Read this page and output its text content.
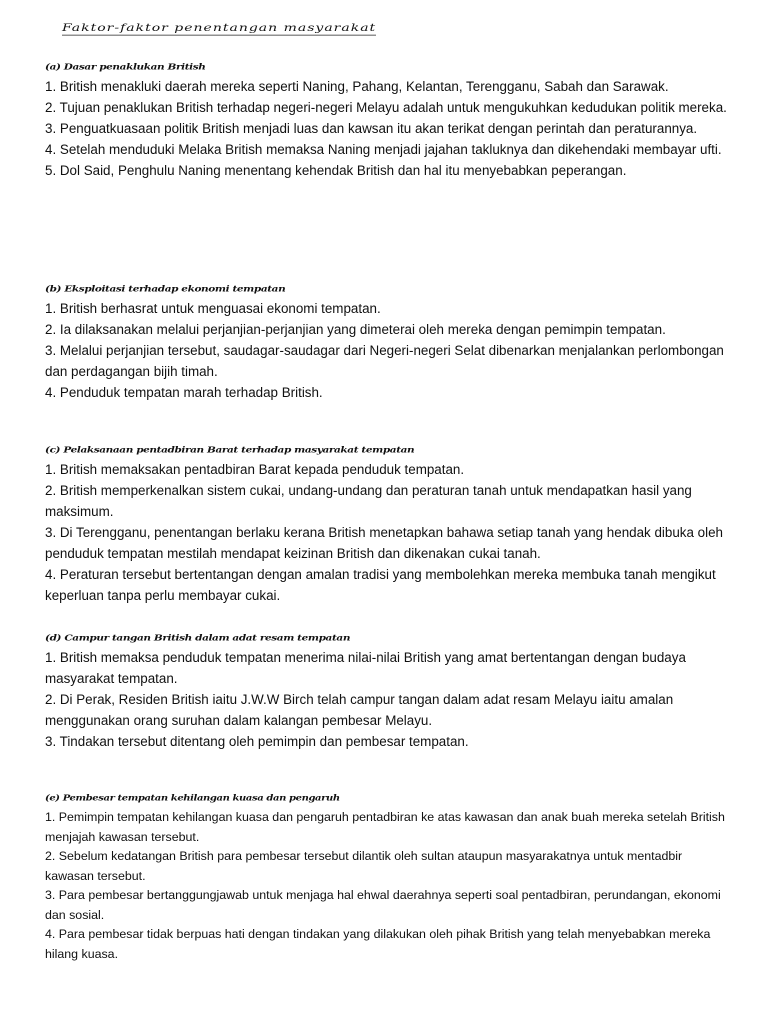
Faktor-faktor penentangan masyarakat
(a) Dasar penaklukan British

1. British menakluki daerah mereka seperti Naning, Pahang, Kelantan, Terengganu, Sabah dan Sarawak.

2. Tujuan penaklukan British terhadap negeri-negeri Melayu adalah untuk mengukuhkan kedudukan politik mereka.

3. Penguatkuasaan politik British menjadi luas dan kawsan itu akan terikat dengan perintah dan peraturannya.

4. Setelah menduduki Melaka British memaksa Naning menjadi jajahan takluknya dan dikehendaki membayar ufti.

5. Dol Said, Penghulu Naning menentang kehendak British dan hal itu menyebabkan peperangan.

(b) Eksploitasi terhadap ekonomi tempatan

1. British berhasrat untuk menguasai ekonomi tempatan.

2. Ia dilaksanakan melalui perjanjian-perjanjian yang dimeterai oleh mereka dengan pemimpin tempatan.

3. Melalui perjanjian tersebut, saudagar-saudagar dari Negeri-negeri Selat dibenarkan menjalankan perlombongan dan perdagangan bijih timah.

4. Penduduk tempatan marah terhadap British.

(c) Pelaksanaan pentadbiran Barat terhadap masyarakat tempatan

1. British memaksakan pentadbiran Barat kepada penduduk tempatan.

2. British memperkenalkan sistem cukai, undang-undang dan peraturan tanah untuk mendapatkan hasil yang maksimum.

3. Di Terengganu, penentangan berlaku kerana British menetapkan bahawa setiap tanah yang hendak dibuka oleh penduduk tempatan mestilah mendapat keizinan British dan dikenakan cukai tanah.

4. Peraturan tersebut bertentangan dengan amalan tradisi yang membolehkan mereka membuka tanah mengikut keperluan tanpa perlu membayar cukai.

(d) Campur tangan British dalam adat resam tempatan

1. British memaksa penduduk tempatan menerima nilai-nilai British yang amat bertentangan dengan budaya masyarakat tempatan.

2. Di Perak, Residen British iaitu J.W.W Birch telah campur tangan dalam adat resam Melayu iaitu amalan menggunakan orang suruhan dalam kalangan pembesar Melayu.

3. Tindakan tersebut ditentang oleh pemimpin dan pembesar tempatan.

(e) Pembesar tempatan kehilangan kuasa dan pengaruh

1. Pemimpin tempatan kehilangan kuasa dan pengaruh pentadbiran ke atas kawasan dan anak buah mereka setelah British menjajah kawasan tersebut.

2. Sebelum kedatangan British para pembesar tersebut dilantik oleh sultan ataupun masyarakatnya untuk mentadbir kawasan tersebut.

3. Para pembesar bertanggungjawab untuk menjaga hal ehwal daerahnya seperti soal pentadbiran, perundangan, ekonomi dan sosial.

4. Para pembesar tidak berpuas hati dengan tindakan yang dilakukan oleh pihak British yang telah menyebabkan mereka hilang kuasa.
